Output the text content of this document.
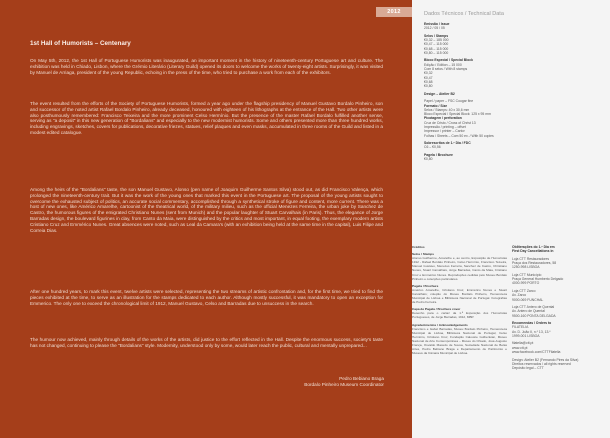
2012
1st Hall of Humorists – Centenary

On May 5th, 2012, the 1st Hall of Portuguese Humorists was inaugurated, an important moment in the history of nineteenth-century Portuguese art and culture. The exhibition was held in Chiado, Lisbon, where the Grémio Literário (Literary Guild) opened its doors to welcome the works of twenty-eight artists. Surprisingly, it was visited by Manuel de Arriaga, president of the young Republic, echoing in the press of the time, who tried to purchase a work from each of the exhibitors.

The event resulted from the efforts of the Society of Portuguese Humorists, formed a year ago under the flagship presidency of Manuel Gustavo Bordalo Pinheiro, son and successor of the noted artist Rafael Bordalo Pinheiro, already deceased, honoured with eighteen of his lithographs at the entrance of the Hall. Two other artists were also posthumously remembered: Francisco Teixeira and the more prominent Celso Hermínio. But the presence of the master Rafael Bordalo fulfilled another sense, serving as "a deposit" in this new generation of "Bordalians" and especially to the new modernist humorists. Some and others presented more than three hundred works, including engravings, sketches, covers for publications, decorative friezes, statues, relief plaques and even masks, accumulated in three rooms of the Guild and listed in a modest edited catalogue.

Among the heirs of the "Bordalians" taste, the son Manuel Gustavo, Alonso (pen name of Joaquim Guilherme Santos Silva) stood out, as did Francisco Valença, which prolonged the nineteenth-century trait. But it was the work of the young ones that marked this event in the Portuguese art. The proposal of the young artists sought to overcome the exhausted subject of politics, an accurate social commentary, accomplished through a synthetical stroke of figure and content, more current. There was a host of new ones, like Américo Amarelhe, cartoonist of the theatrical world, of the military milieu, such as the official Menezes Ferreira, the urban joke by Sanchez de Castro, the humorous figures of the emigrated Christiano Nunes (sent from Munich) and the popular laughter of Stuart Carvalhais (in Paris). Thus, the elegance of Jorge Barradas design, the boulevard figurines in clay, from Canto da Maia, were distinguished by the critics and most important, in equal footing, the exemplary modern artists Cristiano Cruz and Emmérico Nunes. Great absences were noted, such as Leal da Camara's (with an exhibition being held at the same time in the capital), Luis Filipe and Correia Dias.

After one hundred years, to mark this event, twelve artists were selected, representing the two streams of artistic confrontation and, for the first time, we tried to find the pieces exhibited at the time, to serve as an illustration for the stamps dedicated to each author. Although mostly successful, it was mandatory to open an exception for Emmerico. The only one to exceed the chronological limit of 1912, Manuel Gustavo, Celso and Barradas due to unsuccess in the search.

The humour now achieved, mainly through details of the works of the artists, did justice to the effort reflected in the Hall. Despite the enormous success, society's taste has not changed, continuing to please the "Bordalians" style. Modernity, understood only by some, would later reach the public, cultural and mentally unprepared...

Pedro Bebiano Braga
Bordalo Pinheiro Museum Coordinator
Dados Técnicos / Technical Data
Emissão / Issue
2012 / 05 / 05
Selos / Stamps
€0,32 – 185 000
€0,47 – 115 000
€0,68 – 115 000
€0,80 – 115 000
Bloco Especial / Special Block
Edição / Edition – 15 000
Com 8 selos / With 8 stamps
€0,32
€0,47
€0,68
€0,80
Design – Atelier B2
Papel / paper – FSC Cougar fine
Formato / Size
Selos / Stamps: 40 x 30,6 mm
Bloco Especial / Special Block: 125 x 95 mm
Picotagem / perforation
Cruz de Cristo / Cross of Christ 13
Impressão / printing – offset
Impressor / printer – Cartor
Folhas / Sheets – Com 50 ex. / With 50 copies
Sobrescritos de 1.º Dia / FDC
C6 – €0,56
Pagela / Brochure
€0,80
Obliterações do 1.º Dia em
First Day Cancellations in
Loja CTT Restauradores
Praça dos Restauradores, 58
1250-998 LISBOA
Loja CTT Município
Praça General Humberto Delgado
4000-999 PORTO
Loja CTT Zarco
Av. Zarco
9000-069 FUNCHAL
Loja CTT Antero de Quental
Av. Antero de Quental
9500-160 PONTA DELGADA
Encomendas / Orders to
FILATELIA
Av. D. João II, n.º 13, 13.º
1999-001 LISBOA
filatelia@ctt.pt
www.ctt.pt
www.facebook.com/CTTFilatelia
Design: Atelier B2 (Fernando Pires da Silva)
Direitos reservados / all rights reserved
Depósito legal – CTT

Créditos

Selos / Stamps
Alonso Guilherme, Amarelhe e, ao centro, Exposição de Humoristas 1912 - Rafael Bordalo Pinheiro, Celso Hermínio, Francisco Teixeira, Manuel Gustavo, Menezes Ferreira, Sanchez de Castro, Christiano Nunes, Stuart Carvalhais, Jorge Barradas, Canto da Maia, Cristiano Cruz e Emmérico Nunes. Reproduções cedidas pelo Museu Bordalo Pinheiro e colecções particulares.

Pagela / Brochure
Américo Amarelhe, Cristiano Cruz, Emmérico Nunes e Stuart Carvalhais; coleção do Museu Bordalo Pinheiro, Hemeroteca Municipal de Lisboa e Biblioteca Nacional de Portugal. Fotografias de Pedro Ferreira.

Capa de Pagela / Brochure cover
Desenho para o cartaz da 1.ª Exposição dos Humoristas Portugueses, de Jorge Barradas, 1912, MBP.

Agradecimentos / Acknowledgements
Francisco e Isabel Barradas, Museu Bordalo Pinheiro, Hemeroteca Municipal de Lisboa, Biblioteca Nacional de Portugal, Celso Hermínio, Cristiano Cruz, Fundação Calouste Gulbenkian, Museu Nacional de Arte Contemporânea – Museu do Chiado, José-Augusto França, Osvaldo Macedo de Sousa, Sociedade Nacional de Belas Artes, Pedro Bebiano Braga e Departamento de Património e Museus da Câmara Municipal de Lisboa.
